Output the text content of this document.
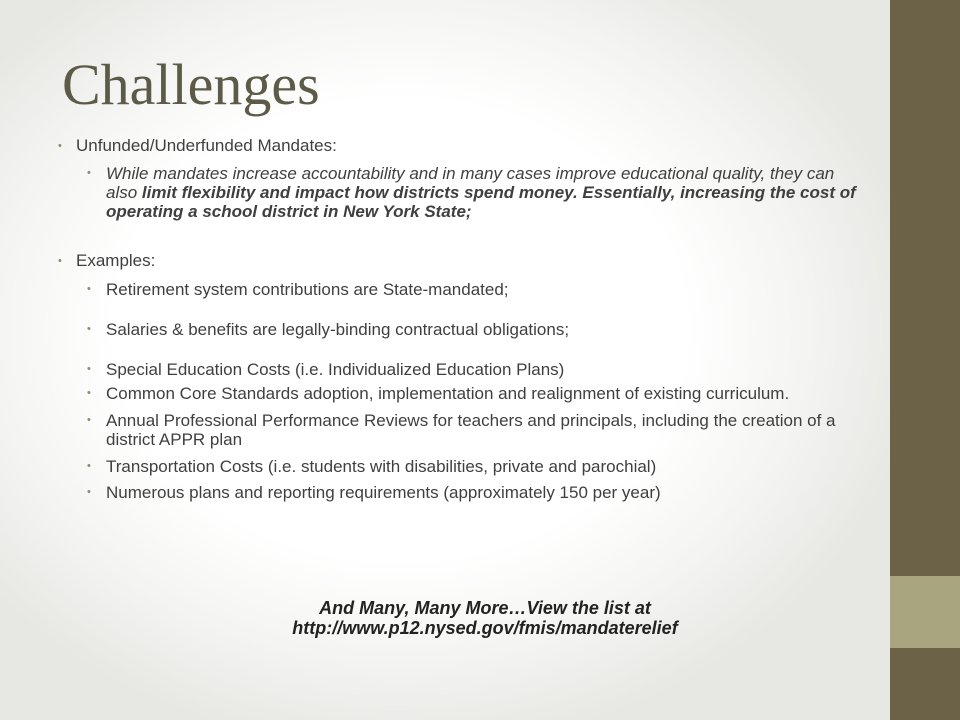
Challenges
• Unfunded/Underfunded Mandates:
• While mandates increase accountability and in many cases improve educational quality, they can also limit flexibility and impact how districts spend money. Essentially, increasing the cost of operating a school district in New York State;
• Examples:
• Retirement system contributions are State-mandated;
• Salaries & benefits are legally-binding contractual obligations;
• Special Education Costs (i.e. Individualized Education Plans)
• Common Core Standards adoption, implementation and realignment of existing curriculum.
• Annual Professional Performance Reviews for teachers and principals, including the creation of a district APPR plan
• Transportation Costs (i.e. students with disabilities, private and parochial)
• Numerous plans and reporting requirements (approximately 150 per year)
And Many, Many More…View the list at
http://www.p12.nysed.gov/fmis/mandaterelief
